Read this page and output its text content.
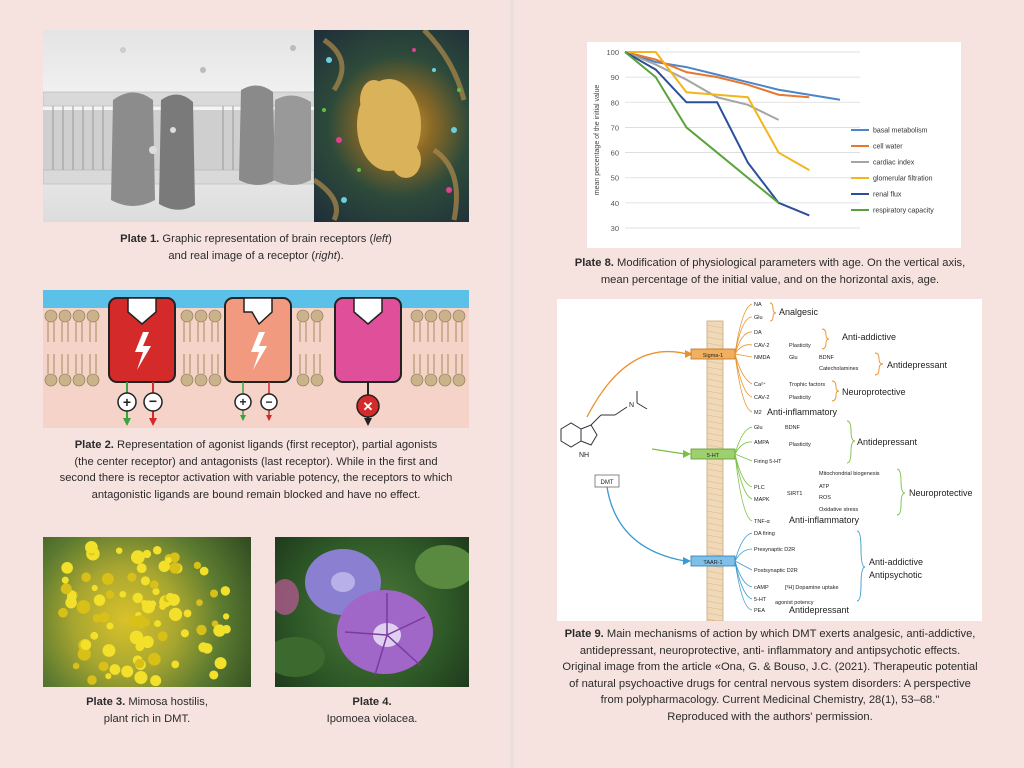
Plate 1. Graphic representation of brain receptors (left)
and real image of a receptor (right).
+ −	+ −	✕
Plate 2. Representation of agonist ligands (first receptor), partial agonists
(the center receptor) and antagonists (last receptor). While in the first and
second there is receptor activation with variable potency, the receptors to which
antagonistic ligands are bound remain blocked and have no effect.
Plate 3. Mimosa hostilis,
plant rich in DMT.
Plate 4.
Ipomoea violacea.
30
40
50
60
70
80
90
100
mean percentage of the initial value	basal metabolism
cell water
cardiac index
glomerular filtration
renal flux
respiratory capacity
Plate 8. Modification of physiological parameters with age. On the vertical axis,
mean percentage of the initial value, and on the horizontal axis, age.
N
NH
DMT
Sigma-1
5-HT
TAAR-1
NA
Glu
DA
CAV-2
NMDA
Ca²⁺
CAV-2
M2
Plasticity
Glu	BDNF
Catecholamines
Trophic factors
Plasticity
Analgesic
Anti-addictive
Antidepressant
Neuroprotective
Anti-inflammatory
Antidepressant
Neuroprotective
Anti-inflammatory
Anti-addictive
Antipsychotic
Antidepressant
Glu
AMPA
Firing 5-HT
PLC
MAPK
TNF-α
BDNF
Plasticity
SIRT1
Mitochondrial biogenesis
ATP
ROS
Oxidative stress
DA firing
Presynaptic D2R
Postsynaptic D2R
cAMP
5-HT
PEA
[³H] Dopamine uptake
agonist potency
Plate 9. Main mechanisms of action by which DMT exerts analgesic, anti-addictive,
antidepressant, neuroprotective, anti- inflammatory and antipsychotic effects.
Original image from the article «Ona, G. & Bouso, J.C. (2021). Therapeutic potential
of natural psychoactive drugs for central nervous system disorders: A perspective
from polypharmacology. Current Medicinal Chemistry, 28(1), 53–68."
Reproduced with the authors' permission.
